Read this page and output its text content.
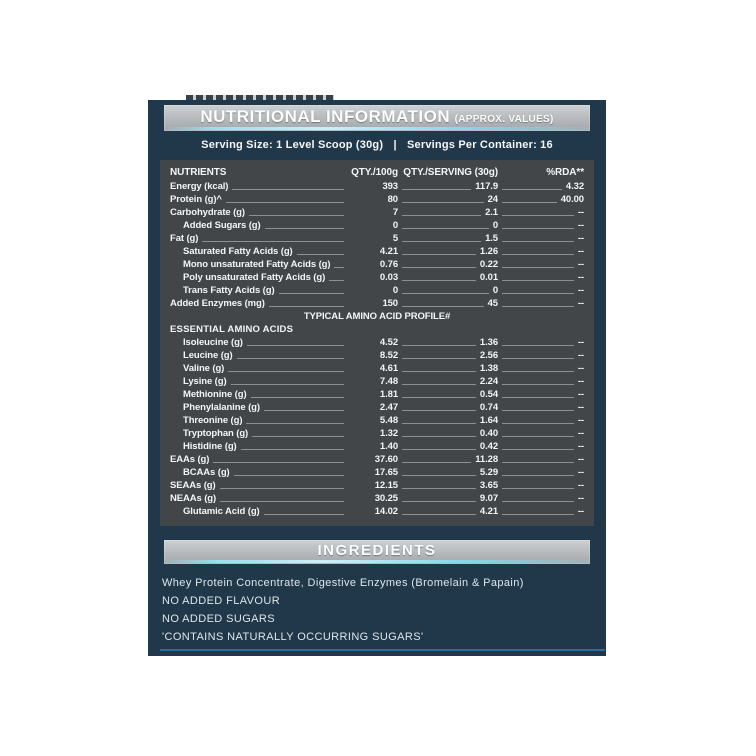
NUTRITIONAL INFORMATION (APPROX. VALUES)
Serving Size: 1 Level Scoop (30g) | Servings Per Container: 16
NUTRIENTS	QTY./100g QTY./SERVING (30g)	%RDA**
Energy (kcal)	393	117.9	4.32
Protein (g)^	80	24	40.00
Carbohydrate (g)	7	2.1	--
Added Sugars (g)	0	0	--
Fat (g)	5	1.5	--
Saturated Fatty Acids (g)	4.21	1.26	--
Mono unsaturated Fatty Acids (g)	0.76	0.22	--
Poly unsaturated Fatty Acids (g)	0.03	0.01	--
Trans Fatty Acids (g)	0	0	--
Added Enzymes (mg)	150	45	--
TYPICAL AMINO ACID PROFILE#
ESSENTIAL AMINO ACIDS
Isoleucine (g)	4.52	1.36	--
Leucine (g)	8.52	2.56	--
Valine (g)	4.61	1.38	--
Lysine (g)	7.48	2.24	--
Methionine (g)	1.81	0.54	--
Phenylalanine (g)	2.47	0.74	--
Threonine (g)	5.48	1.64	--
Tryptophan (g)	1.32	0.40	--
Histidine (g)	1.40	0.42	--
EAAs (g)	37.60	11.28	--
BCAAs (g)	17.65	5.29	--
SEAAs (g)	12.15	3.65	--
NEAAs (g)	30.25	9.07	--
Glutamic Acid (g)	14.02	4.21	--
INGREDIENTS
Whey Protein Concentrate, Digestive Enzymes (Bromelain & Papain)
NO ADDED FLAVOUR
NO ADDED SUGARS
'CONTAINS NATURALLY OCCURRING SUGARS'
